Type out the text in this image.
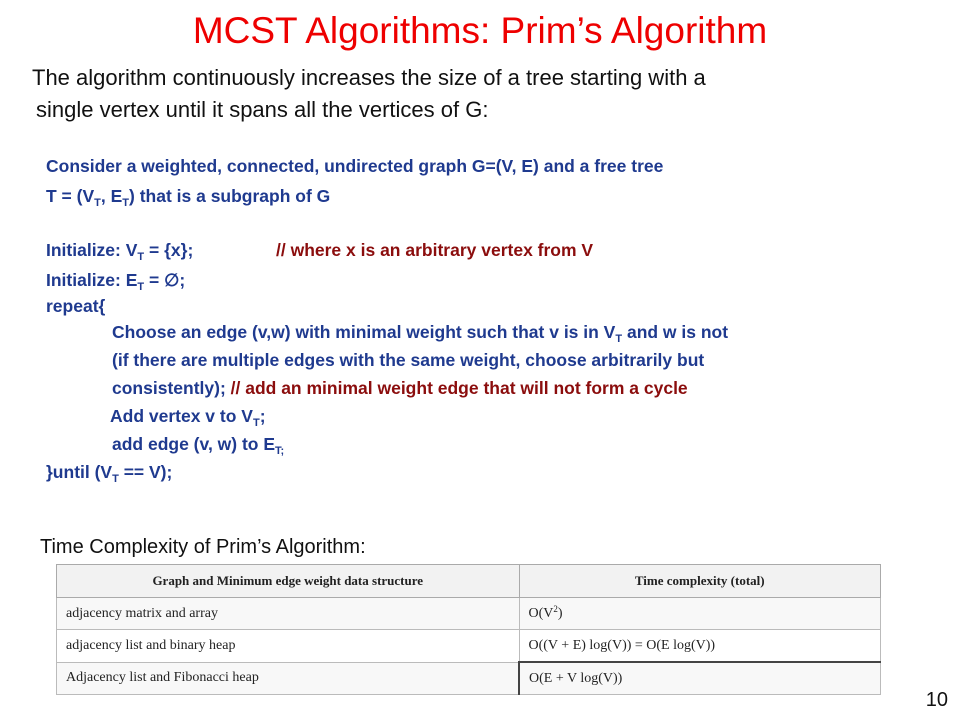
MCST Algorithms: Prim’s Algorithm
The algorithm continuously increases the size of a tree starting with a
single vertex until it spans all the vertices of G:
Consider a weighted, connected, undirected graph G=(V, E) and a free tree
$T = (V_T$, $E_T$) that is a subgraph of G
Initialize: $V_T = \{x\}$;	// where x is an arbitrary vertex from V
Initialize: $E_T$ = ∅;
repeat{
Choose an edge (v,w) with minimal weight such that v is in $V_T$ and w is not
(if there are multiple edges with the same weight, choose arbitrarily but
consistently); // add an minimal weight edge that will not form a cycle
Add vertex v to $V_T$;
add edge (v, w) to $E_{T;}$
}until $(V_T == V)$;
Time Complexity of Prim’s Algorithm:
Graph and Minimum edge weight data structure	Time complexity (total)
adjacency matrix and array	$O(V^2)$
adjacency list and binary heap	O((V + E) log(V)) = O(E log(V))
Adjacency list and Fibonacci heap	O(E + V log(V))
10
